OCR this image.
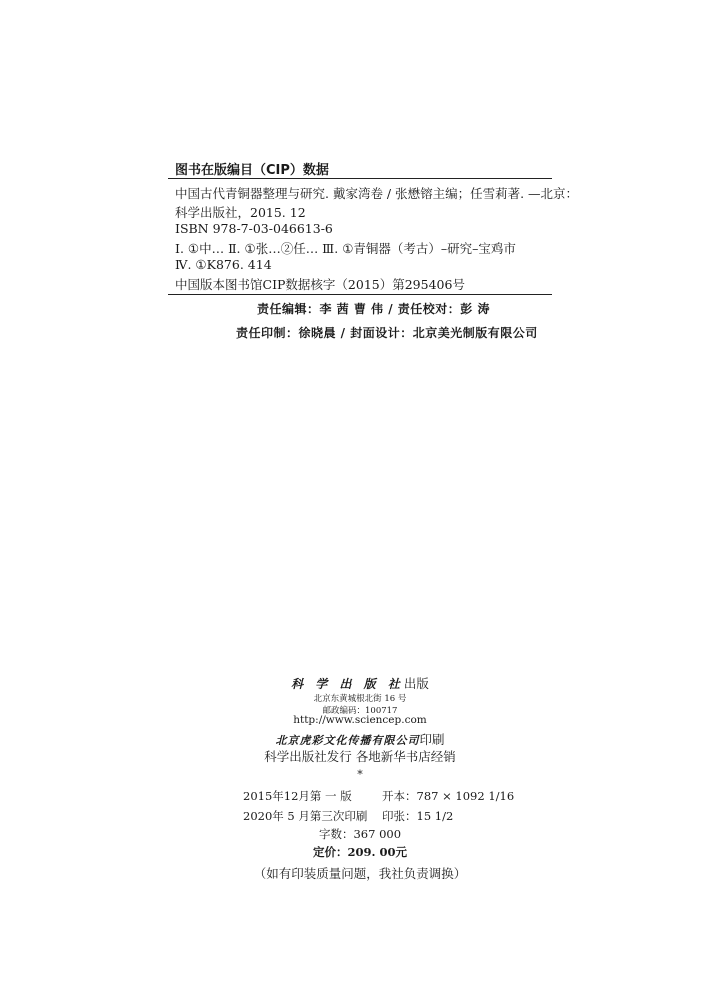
图书在版编目（CIP）数据
中国古代青铜器整理与研究. 戴家湾卷 / 张懋镕主编；任雪莉著. —北京：
科学出版社，2015. 12
ISBN 978-7-03-046613-6
Ⅰ. ①中… Ⅱ. ①张…②任… Ⅲ. ①青铜器（考古）–研究–宝鸡市
Ⅳ. ①K876. 414
中国版本图书馆CIP数据核字（2015）第295406号
责任编辑：李 茜 曹 伟 / 责任校对：彭 涛
责任印制：徐晓晨 / 封面设计：北京美光制版有限公司
科 学 出 版 社出版
北京东黄城根北街 16 号
邮政编码：100717
http://www.sciencep.com
北京虎彩文化传播有限公司印刷
科学出版社发行 各地新华书店经销
*
2015年12月第 一 版	开本：787 × 1092 1/16
2020年 5 月第三次印刷 印张：15 1/2
字数：367 000
定价：209. 00元
（如有印装质量问题，我社负责调换）
